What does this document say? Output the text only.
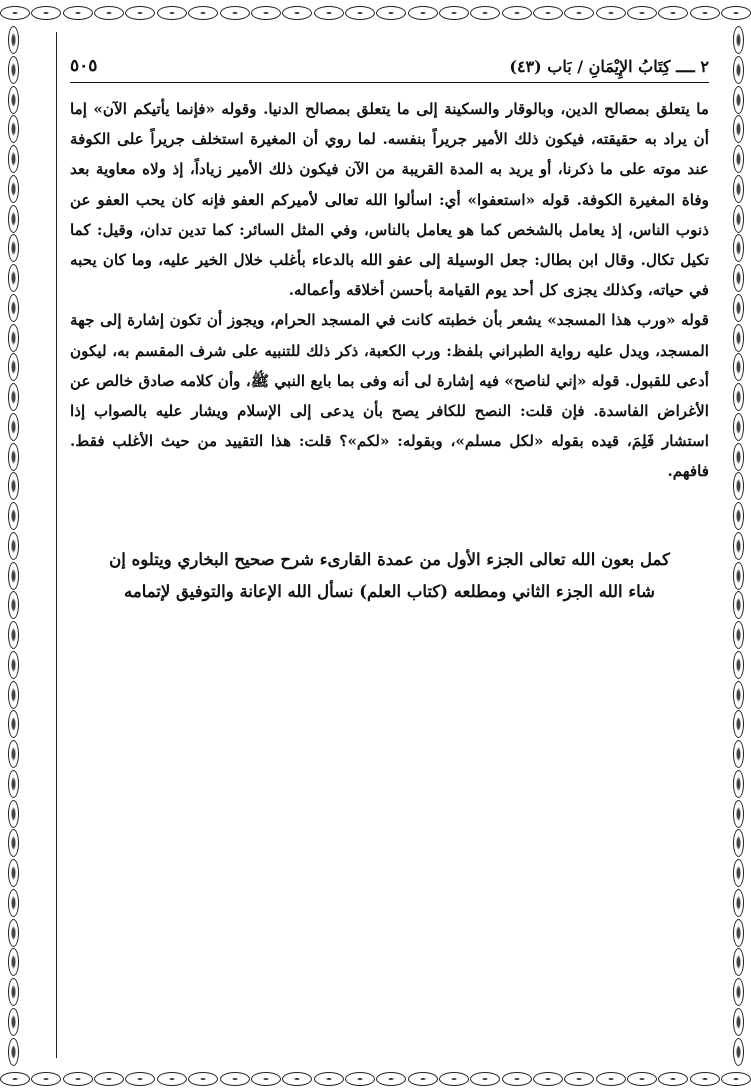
٢ ــــ كِتَابُ الإِيْمَانِ / بَاب (٤٣)
٥٠٥

ما يتعلق بمصالح الدين، وبالوقار والسكينة إلى ما يتعلق بمصالح الدنيا. وقوله «فإنما يأتيكم الآن» إما أن يراد به حقيقته، فيكون ذلك الأمير جريراً بنفسه. لما روي أن المغيرة استخلف جريراً على الكوفة عند موته على ما ذكرنا، أو يريد به المدة القريبة من الآن فيكون ذلك الأمير زياداً، إذ ولاه معاوية بعد وفاة المغيرة الكوفة. قوله «استعفوا» أي: اسألوا الله تعالى لأميركم العفو فإنه كان يحب العفو عن ذنوب الناس، إذ يعامل بالشخص كما هو يعامل بالناس، وفي المثل السائر: كما تدين تدان، وقيل: كما تكيل تكال. وقال ابن بطال: جعل الوسيلة إلى عفو الله بالدعاء بأغلب خلال الخير عليه، وما كان يحبه في حياته، وكذلك يجزى كل أحد يوم القيامة بأحسن أخلاقه وأعماله.

قوله «ورب هذا المسجد» يشعر بأن خطبته كانت في المسجد الحرام، ويجوز أن تكون إشارة إلى جهة المسجد، ويدل عليه رواية الطبراني بلفظ: ورب الكعبة، ذكر ذلك للتنبيه على شرف المقسم به، ليكون أدعى للقبول. قوله «إني لناصح» فيه إشارة لى أنه وفى بما بايع النبي ﷺ، وأن كلامه صادق خالص عن الأغراض الفاسدة. فإن قلت: النصح للكافر يصح بأن يدعى إلى الإسلام ويشار عليه بالصواب إذا استشار فَلِمَ، قيده بقوله «لكل مسلم»، وبقوله: «لكم»؟ قلت: هذا التقييد من حيث الأغلب فقط. فافهم.

كمل بعون الله تعالى الجزء الأول من عمدة القارىء شرح صحيح البخاري ويتلوه إن

شاء الله الجزء الثاني ومطلعه (كتاب العلم) نسأل الله الإعانة والتوفيق لإتمامه
